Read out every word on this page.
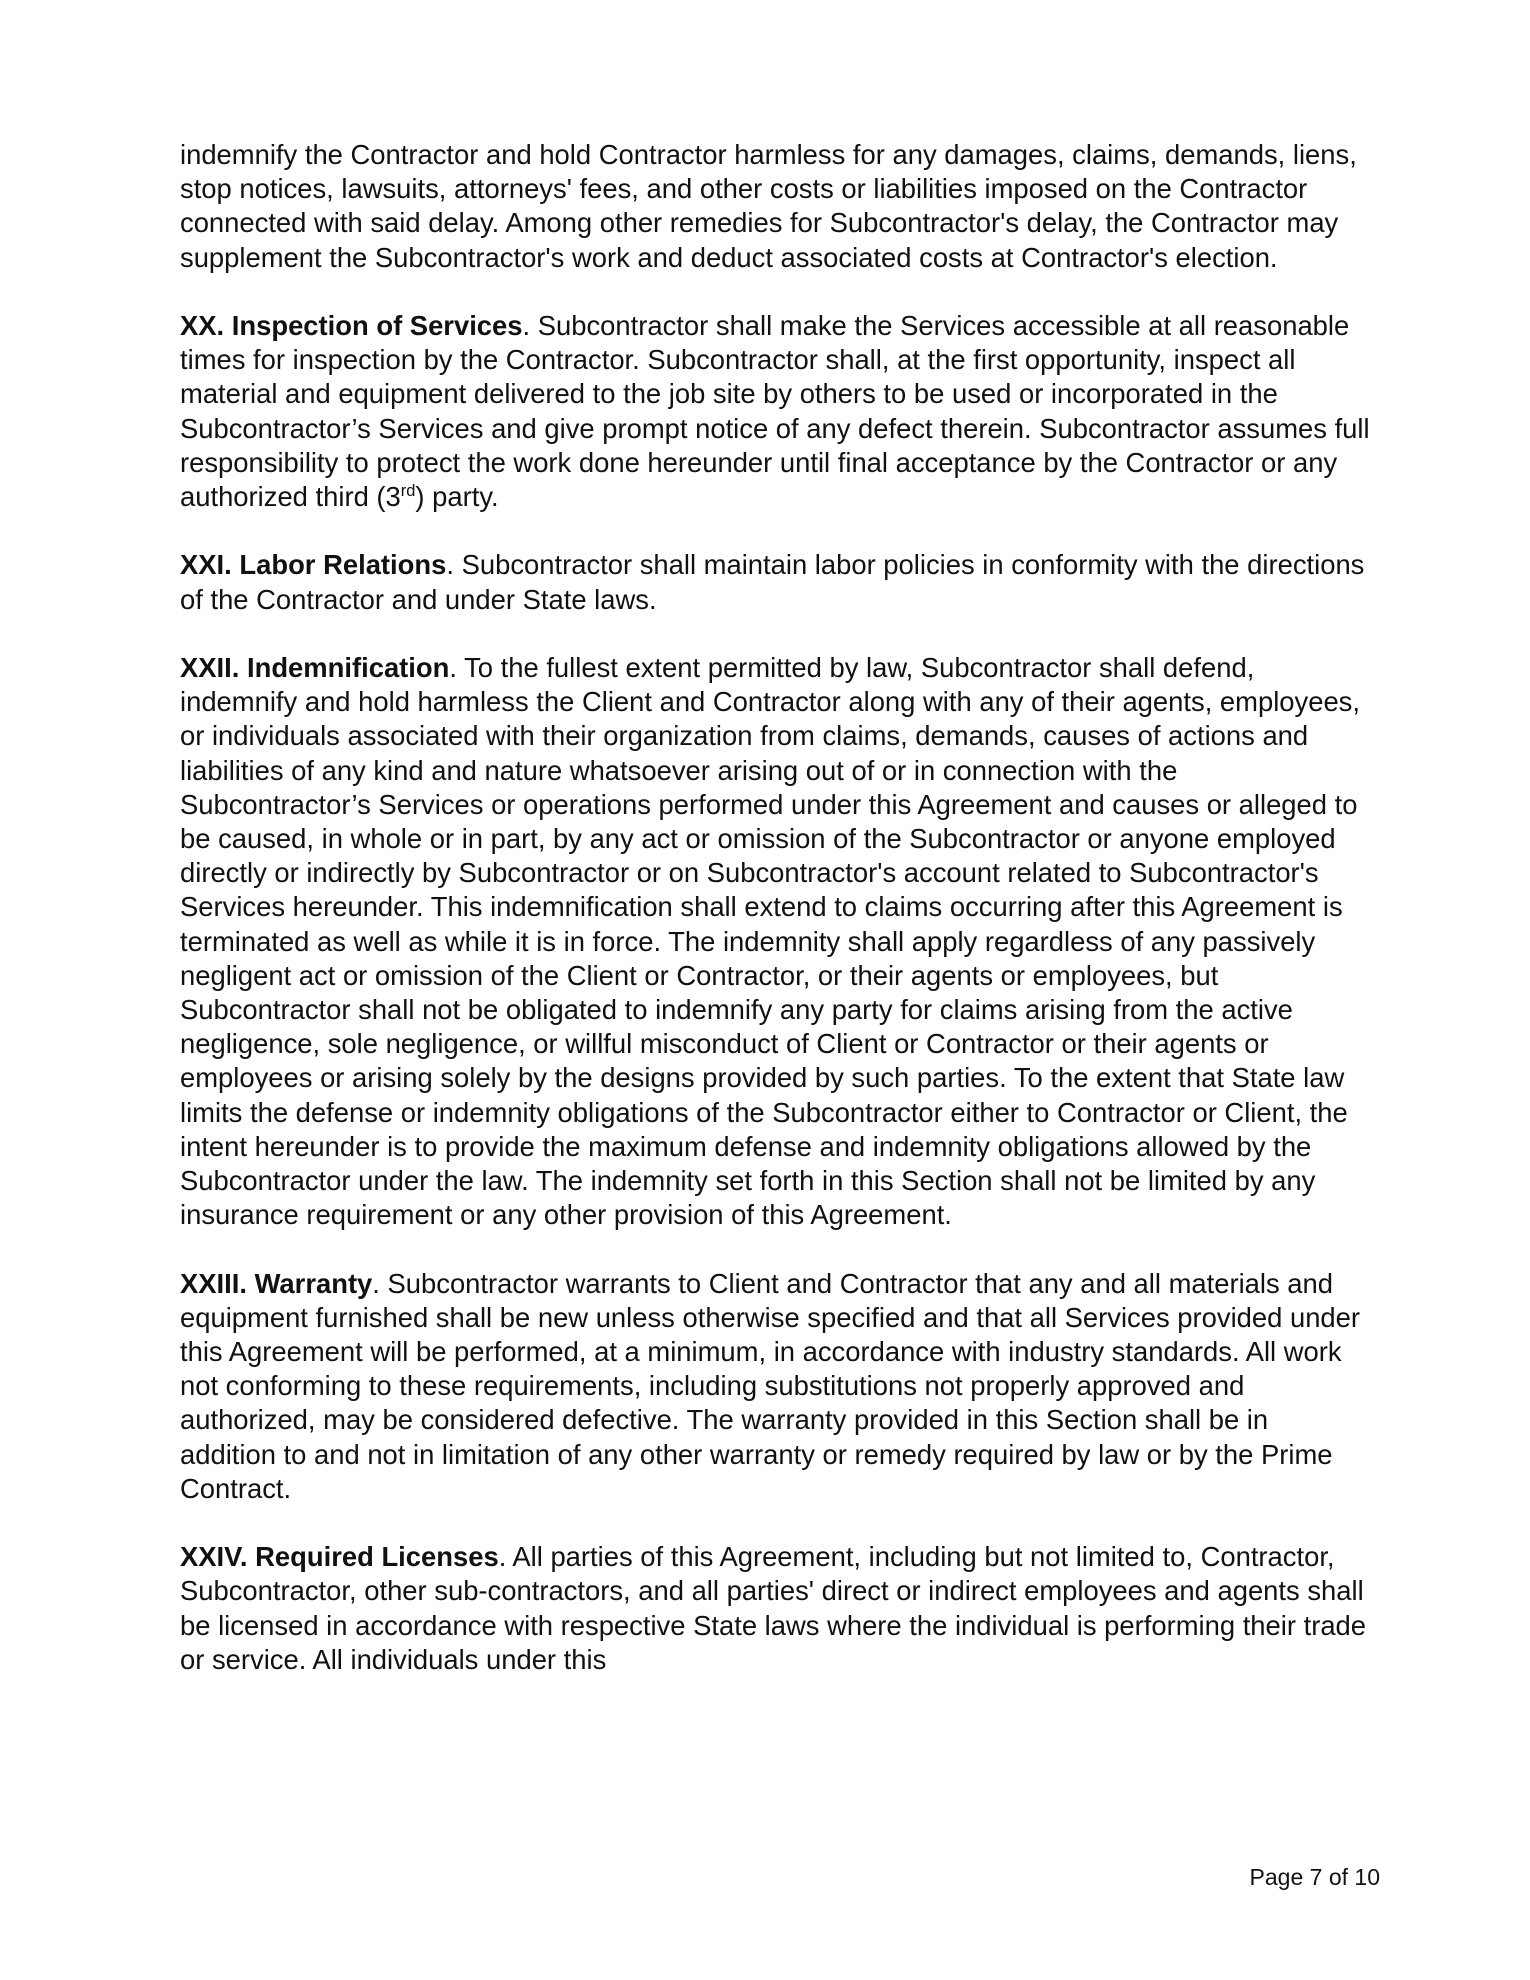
indemnify the Contractor and hold Contractor harmless for any damages, claims, demands, liens, stop notices, lawsuits, attorneys' fees, and other costs or liabilities imposed on the Contractor connected with said delay. Among other remedies for Subcontractor's delay, the Contractor may supplement the Subcontractor's work and deduct associated costs at Contractor's election.

XX. Inspection of Services. Subcontractor shall make the Services accessible at all reasonable times for inspection by the Contractor. Subcontractor shall, at the first opportunity, inspect all material and equipment delivered to the job site by others to be used or incorporated in the Subcontractor’s Services and give prompt notice of any defect therein. Subcontractor assumes full responsibility to protect the work done hereunder until final acceptance by the Contractor or any authorized third (3rd) party.

XXI. Labor Relations. Subcontractor shall maintain labor policies in conformity with the directions of the Contractor and under State laws.

XXII. Indemnification. To the fullest extent permitted by law, Subcontractor shall defend, indemnify and hold harmless the Client and Contractor along with any of their agents, employees, or individuals associated with their organization from claims, demands, causes of actions and liabilities of any kind and nature whatsoever arising out of or in connection with the Subcontractor’s Services or operations performed under this Agreement and causes or alleged to be caused, in whole or in part, by any act or omission of the Subcontractor or anyone employed directly or indirectly by Subcontractor or on Subcontractor's account related to Subcontractor's Services hereunder. This indemnification shall extend to claims occurring after this Agreement is terminated as well as while it is in force. The indemnity shall apply regardless of any passively negligent act or omission of the Client or Contractor, or their agents or employees, but Subcontractor shall not be obligated to indemnify any party for claims arising from the active negligence, sole negligence, or willful misconduct of Client or Contractor or their agents or employees or arising solely by the designs provided by such parties. To the extent that State law limits the defense or indemnity obligations of the Subcontractor either to Contractor or Client, the intent hereunder is to provide the maximum defense and indemnity obligations allowed by the Subcontractor under the law. The indemnity set forth in this Section shall not be limited by any insurance requirement or any other provision of this Agreement.

XXIII. Warranty. Subcontractor warrants to Client and Contractor that any and all materials and equipment furnished shall be new unless otherwise specified and that all Services provided under this Agreement will be performed, at a minimum, in accordance with industry standards. All work not conforming to these requirements, including substitutions not properly approved and authorized, may be considered defective. The warranty provided in this Section shall be in addition to and not in limitation of any other warranty or remedy required by law or by the Prime Contract.

XXIV. Required Licenses. All parties of this Agreement, including but not limited to, Contractor, Subcontractor, other sub-contractors, and all parties' direct or indirect employees and agents shall be licensed in accordance with respective State laws where the individual is performing their trade or service. All individuals under this

Page 7 of 10
